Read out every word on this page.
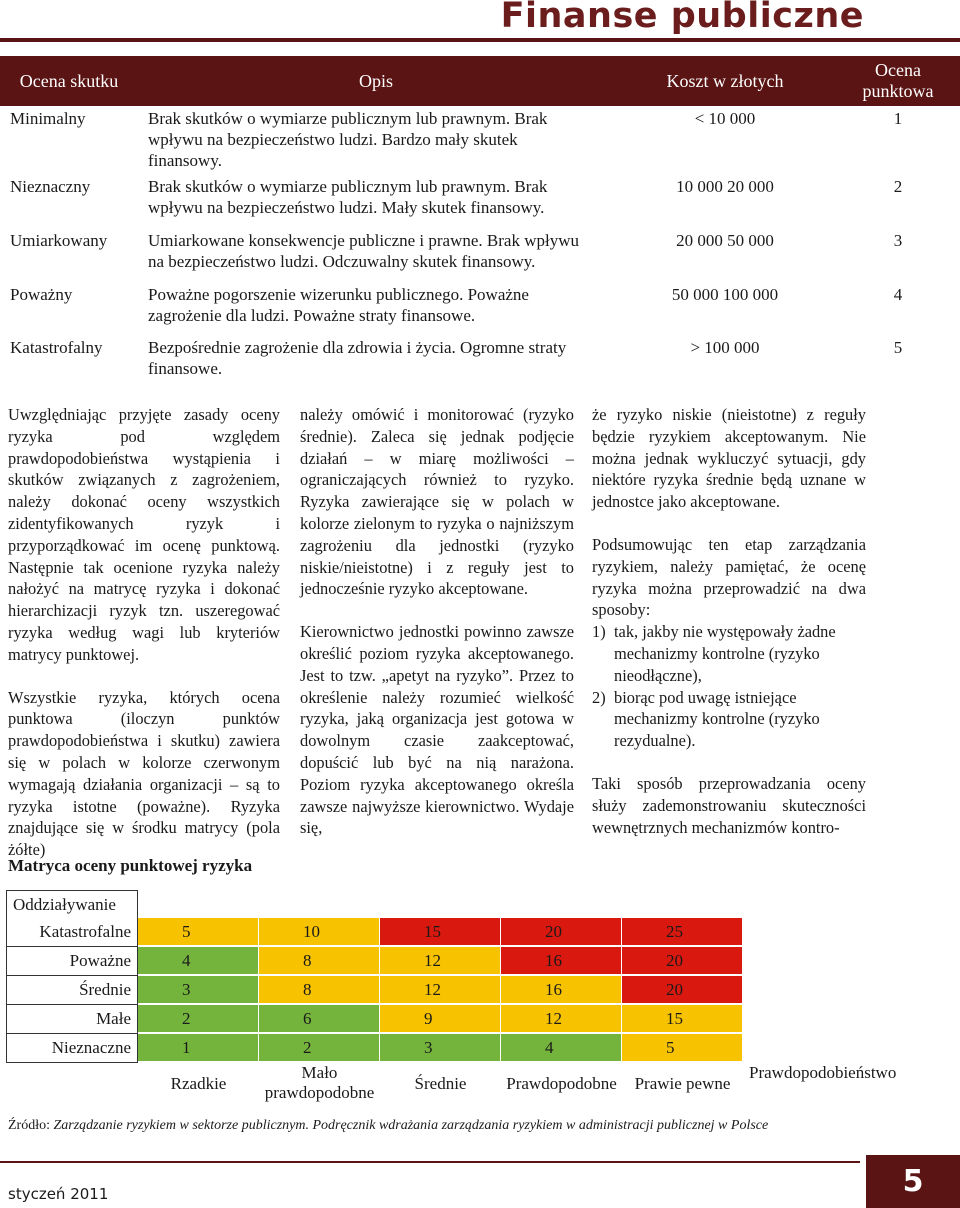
Finanse publiczne
Ocena skutku	Opis	Koszt w złotych	Ocena punktowa
Minimalny	Brak skutków o wymiarze publicznym lub prawnym. Brak wpływu na bezpieczeństwo ludzi. Bardzo mały skutek finansowy.	< 10 000	1
Nieznaczny	Brak skutków o wymiarze publicznym lub prawnym. Brak wpływu na bezpieczeństwo ludzi. Mały skutek finansowy.	10 000 20 000	2
Umiarkowany	Umiarkowane konsekwencje publiczne i prawne. Brak wpływu na bezpieczeństwo ludzi. Odczuwalny skutek finansowy.	20 000 50 000	3
Poważny	Poważne pogorszenie wizerunku publicznego. Poważne zagrożenie dla ludzi. Poważne straty finansowe.	50 000 100 000	4
Katastrofalny	Bezpośrednie zagrożenie dla zdrowia i życia. Ogromne straty finansowe.	> 100 000	5

Uwzględniając przyjęte zasady oceny ryzyka pod względem prawdopodobieństwa wystąpienia i skutków związanych z zagrożeniem, należy dokonać oceny wszystkich zidentyfikowanych ryzyk i przyporządkować im ocenę punktową. Następnie tak ocenione ryzyka należy nałożyć na matrycę ryzyka i dokonać hierarchizacji ryzyk tzn. uszeregować ryzyka według wagi lub kryteriów matrycy punktowej.

Wszystkie ryzyka, których ocena punktowa (iloczyn punktów prawdopodobieństwa i skutku) zawiera się w polach w kolorze czerwonym wymagają działania organizacji – są to ryzyka istotne (poważne). Ryzyka znajdujące się w środku matrycy (pola żółte)

należy omówić i monitorować (ryzyko średnie). Zaleca się jednak podjęcie działań – w miarę możliwości – ograniczających również to ryzyko. Ryzyka zawierające się w polach w kolorze zielonym to ryzyka o najniższym zagrożeniu dla jednostki (ryzyko niskie/nieistotne) i z reguły jest to jednocześnie ryzyko akceptowane.

Kierownictwo jednostki powinno zawsze określić poziom ryzyka akceptowanego. Jest to tzw. „apetyt na ryzyko”. Przez to określenie należy rozumieć wielkość ryzyka, jaką organizacja jest gotowa w dowolnym czasie zaakceptować, dopuścić lub być na nią narażona. Poziom ryzyka akceptowanego określa zawsze najwyższe kierownictwo. Wydaje się,

że ryzyko niskie (nieistotne) z reguły będzie ryzykiem akceptowanym. Nie można jednak wykluczyć sytuacji, gdy niektóre ryzyka średnie będą uznane w jednostce jako akceptowane.

Podsumowując ten etap zarządzania ryzykiem, należy pamiętać, że ocenę ryzyka można przeprowadzić na dwa sposoby:

1) tak, jakby nie występowały żadne mechanizmy kontrolne (ryzyko nieodłączne),
2) biorąc pod uwagę istniejące mechanizmy kontrolne (ryzyko rezydualne).

Taki sposób przeprowadzania oceny służy zademonstrowaniu skuteczności wewnętrznych mechanizmów kontro-

Matryca oceny punktowej ryzyka
Oddziaływanie
Katastrofalne	5	10	15	20	25
Poważne	4	8	12	16	20
Średnie	3	8	12	16	20
Małe	2	6	9	12	15
Nieznaczne	1	2	3	4	5
Rzadkie
Mało prawdopodobne	Średnie	Prawdopodobne	Prawie pewne
Prawdopodobieństwo
Źródło: Zarządzanie ryzykiem w sektorze publicznym. Podręcznik wdrażania zarządzania ryzykiem w administracji publicznej w Polsce
styczeń 2011	5
